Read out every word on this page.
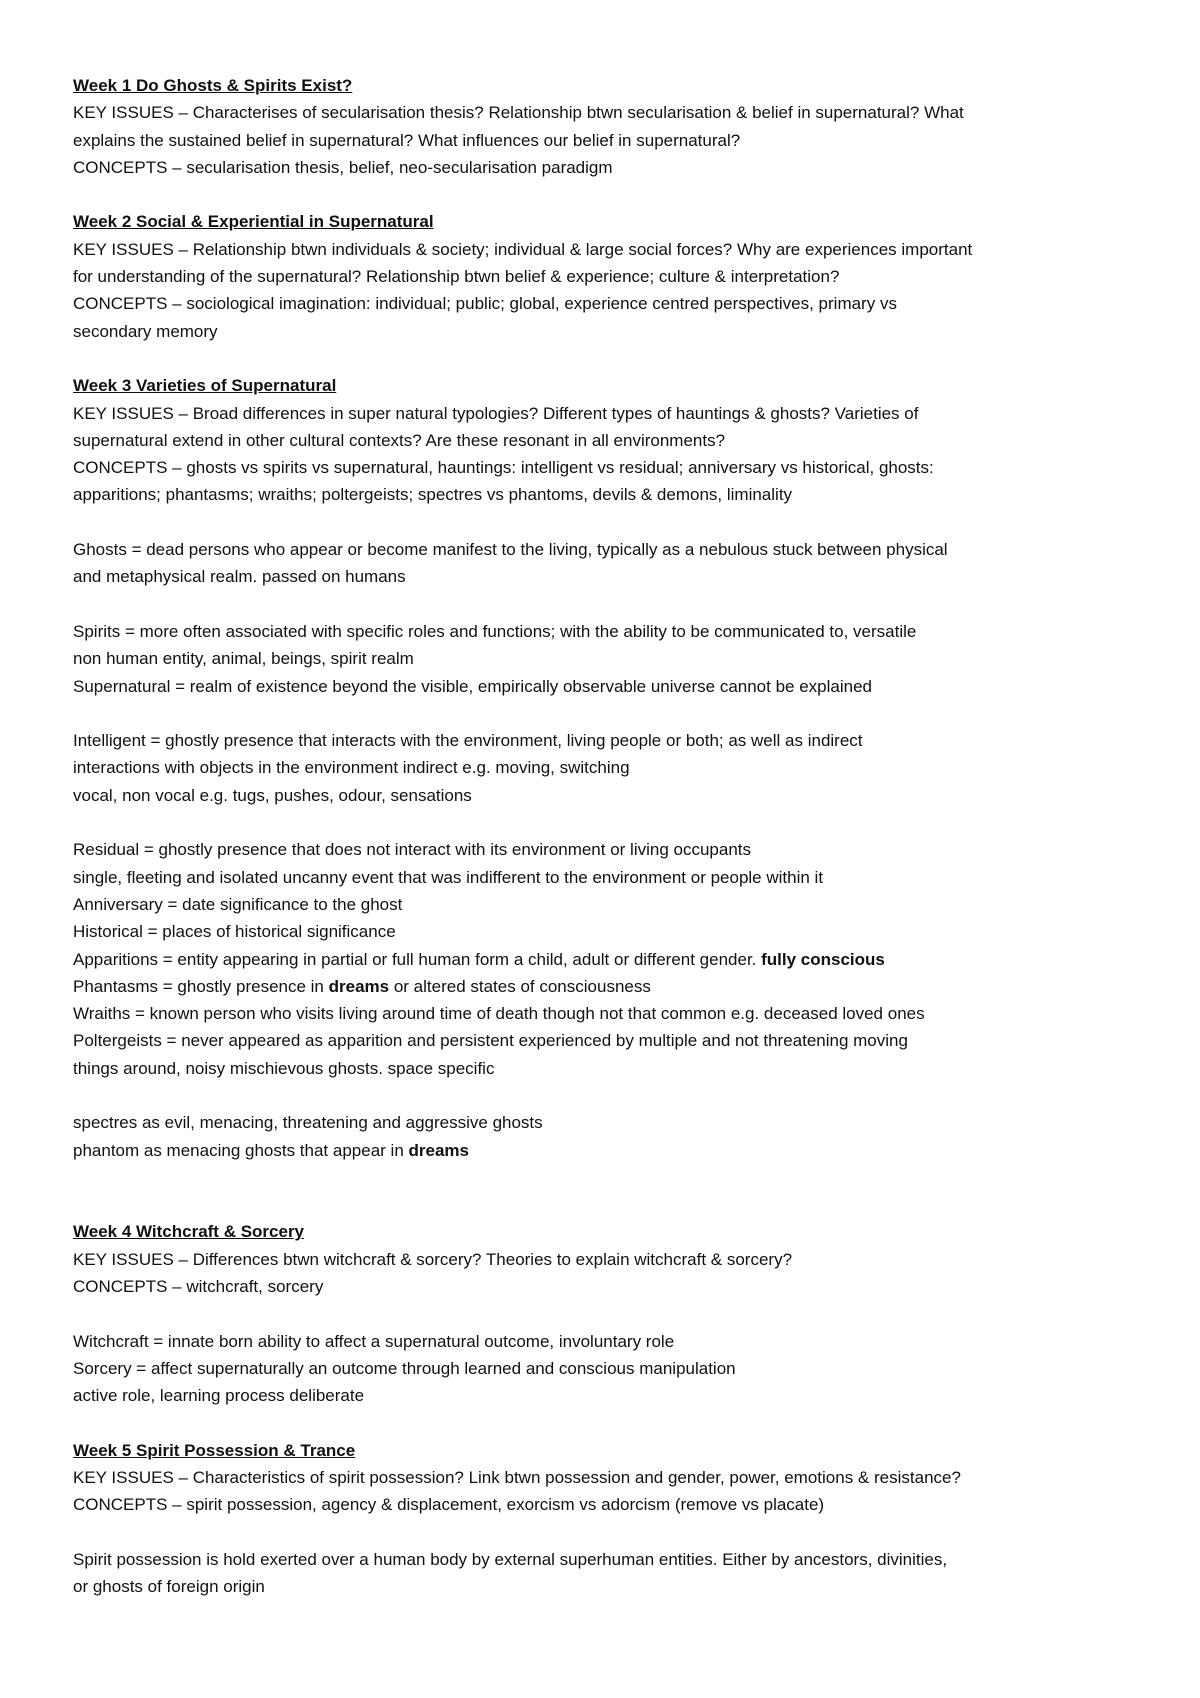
Week 1 Do Ghosts & Spirits Exist?
KEY ISSUES – Characterises of secularisation thesis? Relationship btwn secularisation & belief in supernatural? What
explains the sustained belief in supernatural? What influences our belief in supernatural?
CONCEPTS – secularisation thesis, belief, neo-secularisation paradigm
Week 2 Social & Experiential in Supernatural
KEY ISSUES – Relationship btwn individuals & society; individual & large social forces? Why are experiences important
for understanding of the supernatural? Relationship btwn belief & experience; culture & interpretation?
CONCEPTS – sociological imagination: individual; public; global, experience centred perspectives, primary vs
secondary memory
Week 3 Varieties of Supernatural
KEY ISSUES – Broad differences in super natural typologies? Different types of hauntings & ghosts? Varieties of
supernatural extend in other cultural contexts? Are these resonant in all environments?
CONCEPTS – ghosts vs spirits vs supernatural, hauntings: intelligent vs residual; anniversary vs historical, ghosts:
apparitions; phantasms; wraiths; poltergeists; spectres vs phantoms, devils & demons, liminality
Ghosts = dead persons who appear or become manifest to the living, typically as a nebulous stuck between physical
and metaphysical realm. passed on humans
Spirits = more often associated with specific roles and functions; with the ability to be communicated to, versatile
non human entity, animal, beings, spirit realm
Supernatural = realm of existence beyond the visible, empirically observable universe cannot be explained
Intelligent = ghostly presence that interacts with the environment, living people or both; as well as indirect
interactions with objects in the environment indirect e.g. moving, switching
vocal, non vocal e.g. tugs, pushes, odour, sensations
Residual = ghostly presence that does not interact with its environment or living occupants
single, fleeting and isolated uncanny event that was indifferent to the environment or people within it
Anniversary = date significance to the ghost
Historical = places of historical significance
Apparitions = entity appearing in partial or full human form a child, adult or different gender. fully conscious
Phantasms = ghostly presence in dreams or altered states of consciousness
Wraiths = known person who visits living around time of death though not that common e.g. deceased loved ones
Poltergeists = never appeared as apparition and persistent experienced by multiple and not threatening moving
things around, noisy mischievous ghosts. space specific
spectres as evil, menacing, threatening and aggressive ghosts
phantom as menacing ghosts that appear in dreams
Week 4 Witchcraft & Sorcery
KEY ISSUES – Differences btwn witchcraft & sorcery? Theories to explain witchcraft & sorcery?
CONCEPTS – witchcraft, sorcery
Witchcraft = innate born ability to affect a supernatural outcome, involuntary role
Sorcery = affect supernaturally an outcome through learned and conscious manipulation
active role, learning process deliberate
Week 5 Spirit Possession & Trance
KEY ISSUES – Characteristics of spirit possession? Link btwn possession and gender, power, emotions & resistance?
CONCEPTS – spirit possession, agency & displacement, exorcism vs adorcism (remove vs placate)
Spirit possession is hold exerted over a human body by external superhuman entities. Either by ancestors, divinities,
or ghosts of foreign origin
